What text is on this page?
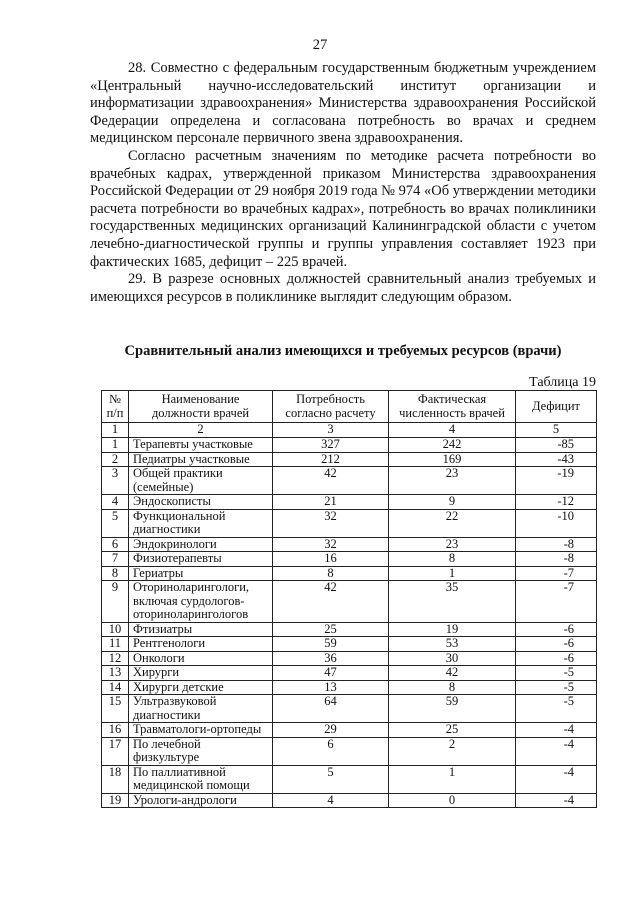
27

28. Совместно с федеральным государственным бюджетным учреждением «Центральный научно-исследовательский институт организации и информатизации здравоохранения» Министерства здравоохранения Российской Федерации определена и согласована потребность во врачах и среднем медицинском персонале первичного звена здравоохранения.

Согласно расчетным значениям по методике расчета потребности во врачебных кадрах, утвержденной приказом Министерства здравоохранения Российской Федерации от 29 ноября 2019 года № 974 «Об утверждении методики расчета потребности во врачебных кадрах», потребность во врачах поликлиники государственных медицинских организаций Калининградской области с учетом лечебно-диагностической группы и группы управления составляет 1923 при фактических 1685, дефицит – 225 врачей.

29. В разрезе основных должностей сравнительный анализ требуемых и имеющихся ресурсов в поликлинике выглядит следующим образом.

Сравнительный анализ имеющихся и требуемых ресурсов (врачи)
Таблица 19
№ п/п	Наименование должности врачей	Потребность согласно расчету	Фактическая численность врачей	Дефицит
1	2	3	4	5
1	Терапевты участковые	327	242	-85
2	Педиатры участковые	212	169	-43
3	Общей практики (семейные)	42	23	-19
4	Эндоскописты	21	9	-12
5	Функциональной диагностики	32	22	-10
6	Эндокринологи	32	23	-8
7	Физиотерапевты	16	8	-8
8	Гериатры	8	1	-7
9	Оториноларингологи, включая сурдологов-оториноларингологов	42	35	-7
10	Фтизиатры	25	19	-6
11	Рентгенологи	59	53	-6
12	Онкологи	36	30	-6
13	Хирурги	47	42	-5
14	Хирурги детские	13	8	-5
15	Ультразвуковой диагностики	64	59	-5
16	Травматологи-ортопеды	29	25	-4
17	По лечебной физкультуре	6	2	-4
18	По паллиативной медицинской помощи	5	1	-4
19	Урологи-андрологи	4	0	-4
